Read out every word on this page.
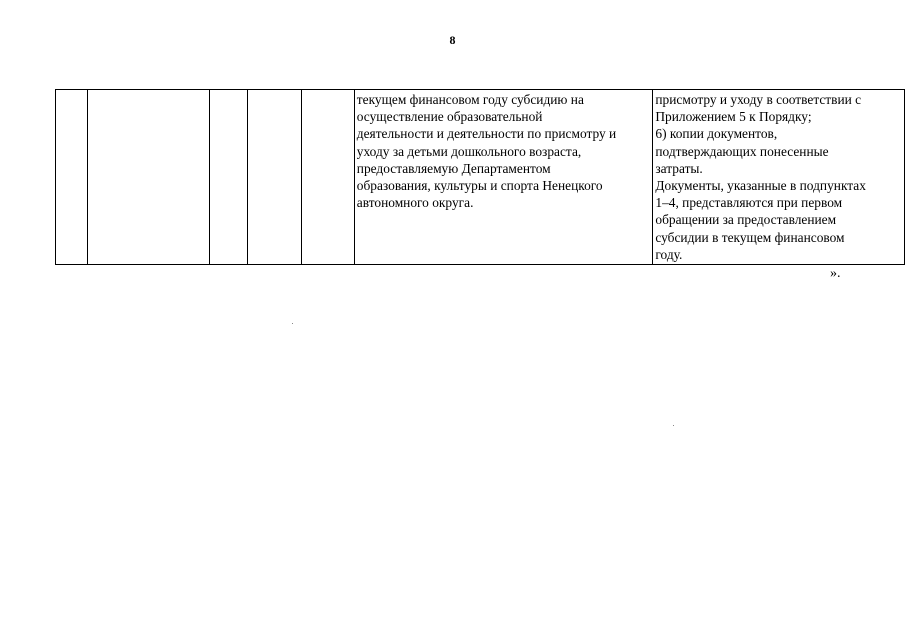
8

текущем финансовом году субсидию на
осуществление образовательной
деятельности и деятельности по присмотру и
уходу за детьми дошкольного возраста,
предоставляемую Департаментом
образования, культуры и спорта Ненецкого
автономного округа.

присмотру и уходу в соответствии с
Приложением 5 к Порядку;
6) копии документов,
подтверждающих понесенные
затраты.
Документы, указанные в подпунктах
1–4, представляются при первом
обращении за предоставлением
субсидии в текущем финансовом
году.
».
